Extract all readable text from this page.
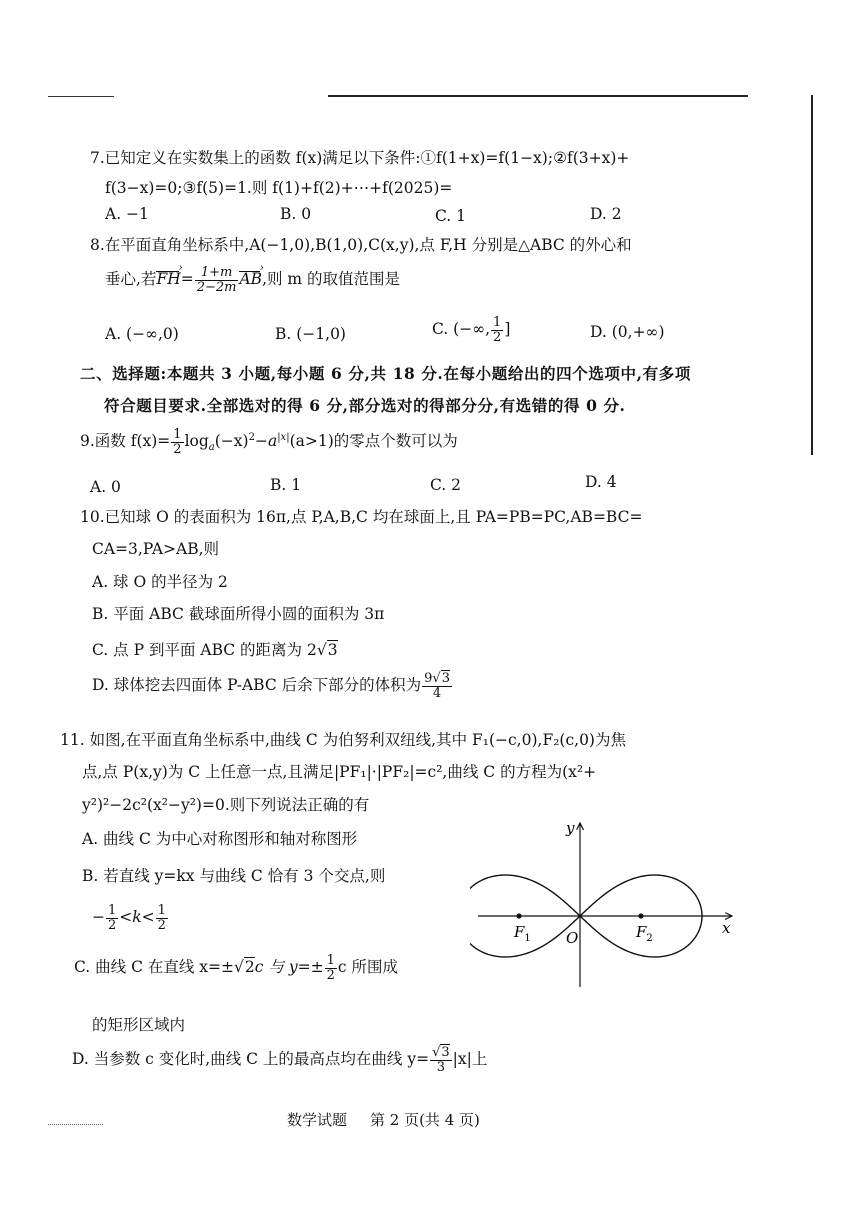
7.已知定义在实数集上的函数 f(x)满足以下条件:①f(1+x)=f(1−x);②f(3+x)+
f(3−x)=0;③f(5)=1.则 f(1)+f(2)+⋯+f(2025)=
A. −1	B. 0	C. 1	D. 2
8.在平面直角坐标系中,A(−1,0),B(1,0),C(x,y),点 F,H 分别是△ABC 的外心和
垂心,若FH ›= $\frac{1+m}{2-2m}$ AB ›,则 m 的取值范围是
A. (−∞,0)	B. (−1,0)	C. (−∞, $\frac{1}{2}$ ]	D. (0,+∞)
二、选择题:本题共 3 小题,每小题 6 分,共 18 分.在每小题给出的四个选项中,有多项
符合题目要求.全部选对的得 6 分,部分选对的得部分分,有选错的得 0 分.
9.函数 $f(x)= \frac{1}{2} \log_a(-x)^2-a^{|x|}(a>1)$的零点个数可以为
A. 0	B. 1	C. 2	D. 4
10.已知球 O 的表面积为 16π,点 P,A,B,C 均在球面上,且 PA=PB=PC,AB=BC=
CA=3,PA>AB,则
A. 球 O 的半径为 2
B. 平面 ABC 截球面所得小圆的面积为 3π
C. 点 P 到平面 ABC 的距离为 2√3
D. 球体挖去四面体 P-ABC 后余下部分的体积为 $\frac{9√3}{4}$
11. 如图,在平面直角坐标系中,曲线 C 为伯努利双纽线,其中 F₁(−c,0),F₂(c,0)为焦
点,点 P(x,y)为 C 上任意一点,且满足|PF₁|·|PF₂|=c²,曲线 C 的方程为(x²+
y²)²−2c²(x²−y²)=0.则下列说法正确的有
A. 曲线 C 为中心对称图形和轴对称图形
B. 若直线 y=kx 与曲线 C 恰有 3 个交点,则
− $\frac{1}{2} <k< \frac{1}{2}$
C. 曲线 C 在直线 x=±√2c 与 $y=\pm \frac{1}{2}$ c 所围成
的矩形区域内
D. 当参数 c 变化时,曲线 C 上的最高点均在曲线 $y= \frac{√3}{3} |x|$上
y
x
O
$F_1$	$F_2$
数学试题 第 2 页(共 4 页)
